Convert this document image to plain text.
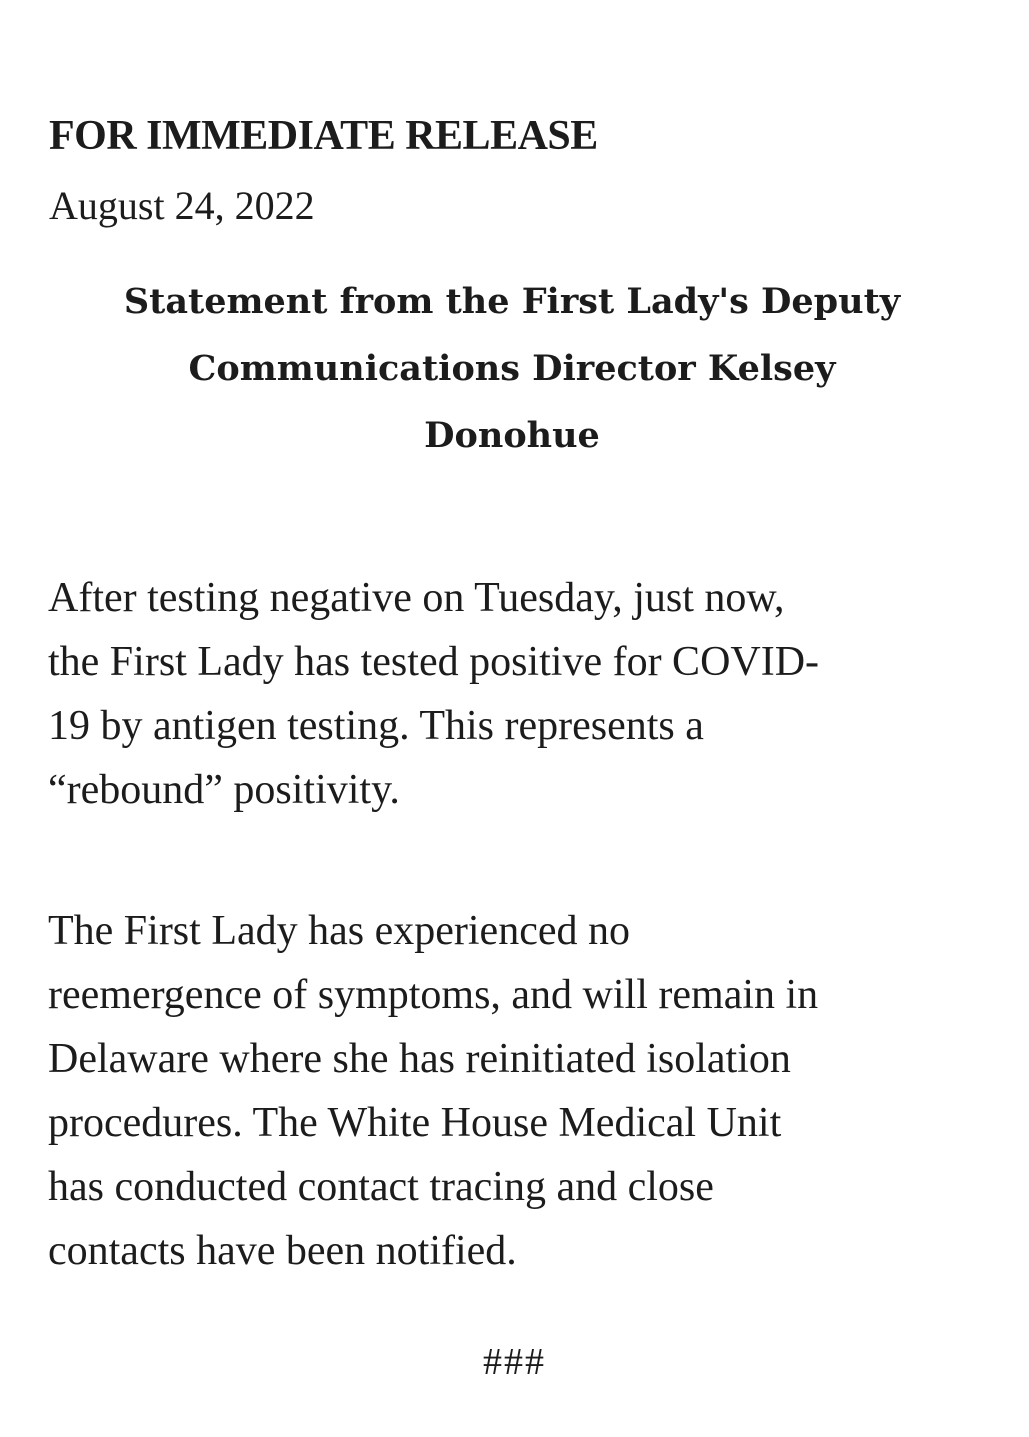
FOR IMMEDIATE RELEASE

August 24, 2022

Statement from the First Lady's Deputy
Communications Director Kelsey
Donohue

After testing negative on Tuesday, just now,
the First Lady has tested positive for COVID-
19 by antigen testing. This represents a
“rebound” positivity.

The First Lady has experienced no
reemergence of symptoms, and will remain in
Delaware where she has reinitiated isolation
procedures. The White House Medical Unit
has conducted contact tracing and close
contacts have been notified.

###
